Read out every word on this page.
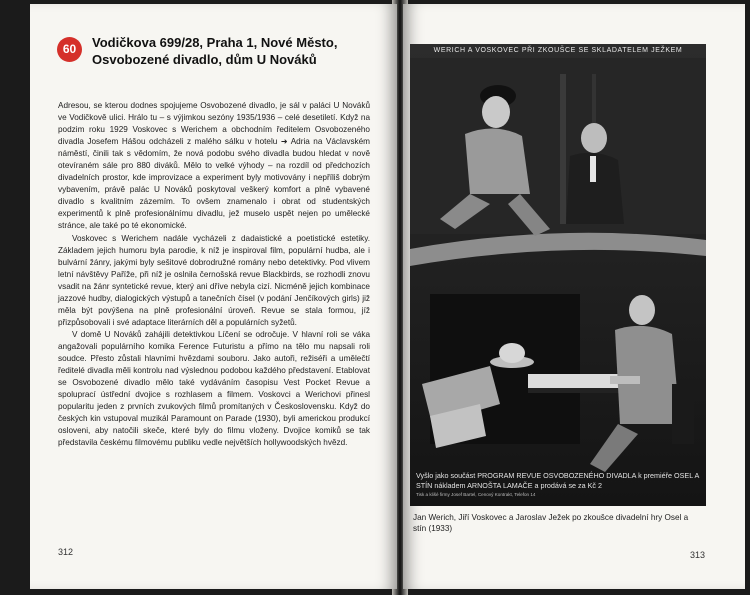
60	Vodičkova 699/28, Praha 1, Nové Město,
Osvobozené divadlo, dům U Nováků

Adresou, se kterou dodnes spojujeme Osvobozené divadlo, je sál v paláci U Nováků ve Vodičkově ulici. Hrálo tu – s výjimkou sezóny 1935/1936 – celé desetiletí. Když na podzim roku 1929 Voskovec s Werichem a obchodním ředitelem Osvobozeného divadla Josefem Hášou odcházeli z malého sálku v hotelu ➜ Adria na Václavském náměstí, činili tak s vědomím, že nová podobu svého divadla budou hledat v nově otevíraném sále pro 880 diváků. Mělo to velké výhody – na rozdíl od předchozích divadelních prostor, kde improvizace a experiment byly motivovány i nepříliš dobrým vybavením, právě palác U Nováků poskytoval veškerý komfort a plně vybavené divadlo s kvalitním zázemím. To ovšem znamenalo i obrat od studentských experimentů k plně profesionálnímu divadlu, jež muselo uspět nejen po umělecké stránce, ale také po té ekonomické.

Voskovec s Werichem nadále vycházeli z dadaistické a poetistické estetiky. Základem jejich humoru byla parodie, k níž je inspiroval film, populární hudba, ale i bulvární žánry, jakými byly sešitové dobrodružné romány nebo detektivky. Pod vlivem letní návštěvy Paříže, při níž je oslnila černošská revue Blackbirds, se rozhodli znovu vsadit na žánr syntetické revue, který ani dříve nebyla cizí. Nicméně jejich kombinace jazzové hudby, dialogických výstupů a tanečních čísel (v podání Jenčíkových girls) již měla být povýšena na plně profesionální úroveň. Revue se stala formou, jíž přizpůsobovali i své adaptace literárních děl a populárních syžetů.

V domě U Nováků zahájili detektivkou Líčení se odročuje. V hlavní roli se váka angažovali populárního komika Ference Futuristu a přímo na tělo mu napsali roli soudce. Přesto zůstali hlavními hvězdami souboru. Jako autoři, režiséři a umělečtí ředitelé divadla měli kontrolu nad výslednou podobou každého představení. Etablovat se Osvobozené divadlo mělo také vydáváním časopisu Vest Pocket Revue a spoluprací ústřední dvojice s rozhlasem a filmem. Voskovci a Werichovi přinesl popularitu jeden z prvních zvukových filmů promítaných v Československu. Když do českých kin vstupoval muzikál Paramount on Parade (1930), byli americkou produkcí osloveni, aby natočili skeče, které byly do filmu vloženy. Dvojice komiků se tak představila českému filmovému publiku vedle největších hollywoodských hvězd.

312
WERICH A VOSKOVEC PŘI ZKOUŠCE SE SKLADATELEM JEŽKEM
Vyšlo jako součást PROGRAM REVUE OSVOBOZENÉHO DIVADLA k premiéře OSEL A STÍN nákladem ARNOŠTA LAMAČE a prodává se za Kč 2
Tisk a klišé firmy Josef Bartel, Cenový Kontrakt, Telefon 14
Jan Werich, Jiří Voskovec a Jaroslav Ježek po zkoušce divadelní hry Osel a stín (1933)
313
